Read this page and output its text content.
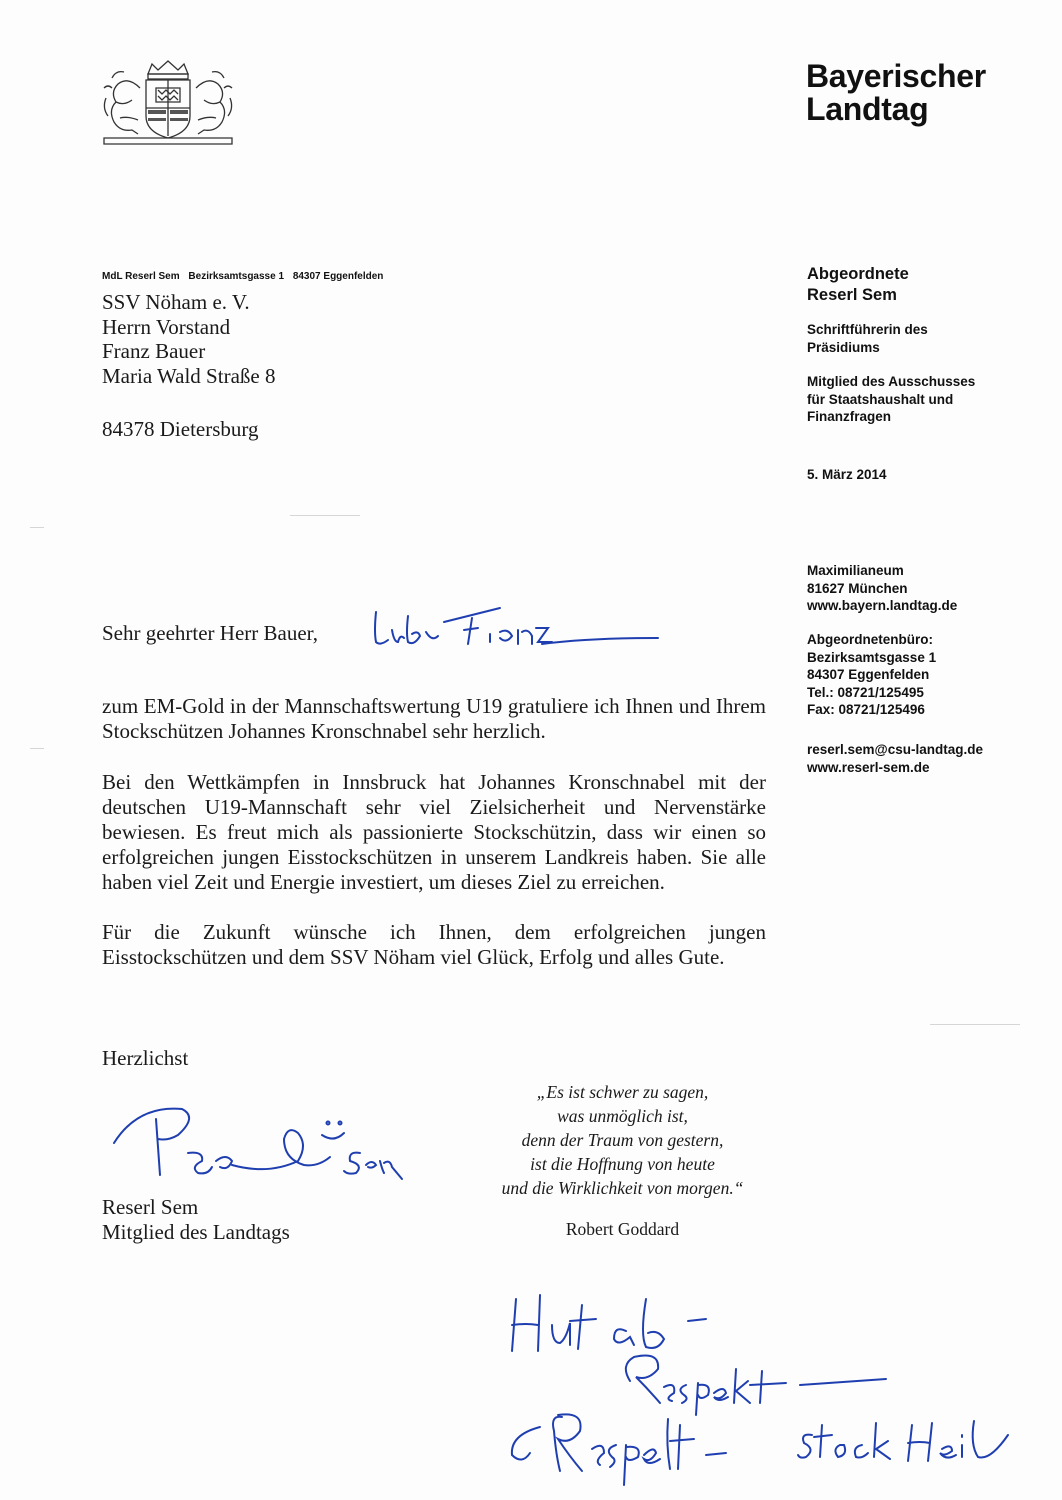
Bayerischer
Landtag
MdL Reserl Sem Bezirksamtsgasse 1 84307 Eggenfelden
SSV Nöham e. V.
Herrn Vorstand
Franz Bauer
Maria Wald Straße 8
84378 Dietersburg
Abgeordnete
Reserl Sem
Schriftführerin des
Präsidiums
Mitglied des Ausschusses
für Staatshaushalt und
Finanzfragen
5. März 2014
Maximilianeum
81627 München
www.bayern.landtag.de
Abgeordnetenbüro:
Bezirksamtsgasse 1
84307 Eggenfelden
Tel.: 08721/125495
Fax: 08721/125496
reserl.sem@csu-landtag.de
www.reserl-sem.de
Sehr geehrter Herr Bauer,
zum EM-Gold in der Mannschaftswertung U19 gratuliere ich Ihnen und Ihrem Stockschützen Johannes Kronschnabel sehr herzlich.
Bei den Wettkämpfen in Innsbruck hat Johannes Kronschnabel mit der deutschen U19-Mannschaft sehr viel Zielsicherheit und Nervenstärke bewiesen. Es freut mich als passionierte Stockschützin, dass wir einen so erfolgreichen jungen Eisstockschützen in unserem Landkreis haben. Sie alle haben viel Zeit und Energie investiert, um dieses Ziel zu erreichen.
Für die Zukunft wünsche ich Ihnen, dem erfolgreichen jungen Eisstockschützen und dem SSV Nöham viel Glück, Erfolg und alles Gute.
Herzlichst
Reserl Sem
Mitglied des Landtags
„Es ist schwer zu sagen,
was unmöglich ist,
denn der Traum von gestern,
ist die Hoffnung von heute
und die Wirklichkeit von morgen.“
Robert Goddard
